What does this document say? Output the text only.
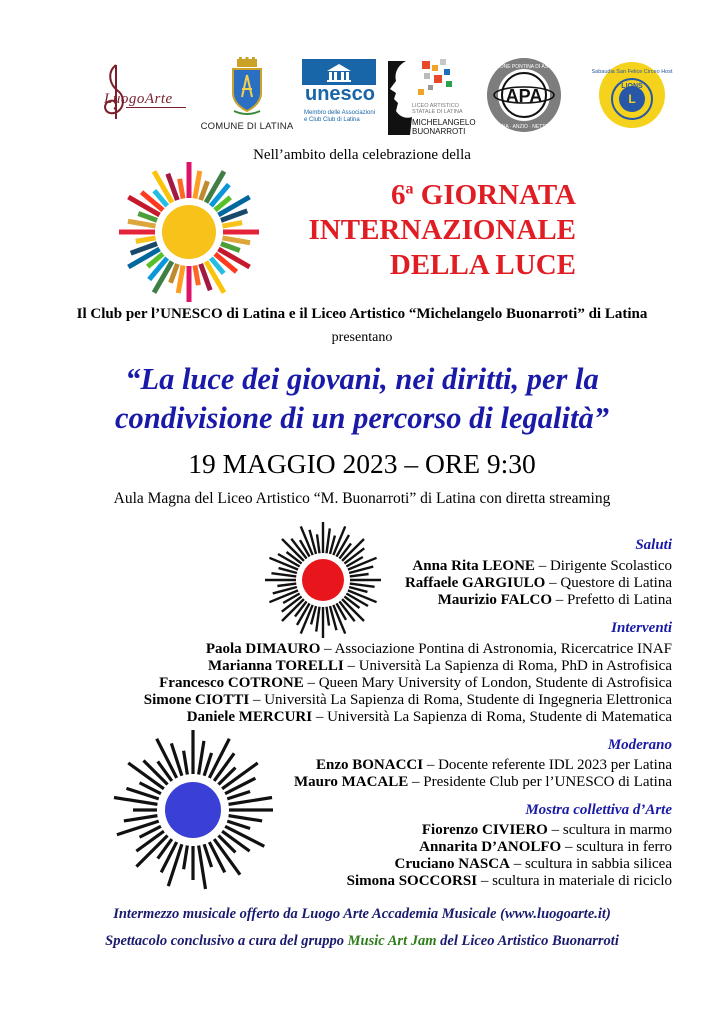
LuogoArte
COMUNE DI LATINA
unesco
Membro delle Associazioni e Club Club di Latina
LICEO ARTISTICO STATALE DI LATINA
MICHELANGELO BUONARROTI
APA
ASSOCIAZIONE PONTINA DI ASTRONOMIA
LATINA · ANZIO · NETTUNO
Sabaudia San Felice Circeo Host
LIONS
L
Nell’ambito della celebrazione della
6$^a$ GIORNATA
INTERNAZIONALE
DELLA LUCE
Il Club per l’UNESCO di Latina e il Liceo Artistico “Michelangelo Buonarroti” di Latina
presentano
“La luce dei giovani, nei diritti, per la
condivisione di un percorso di legalità”
19 MAGGIO 2023 – ORE 9:30
Aula Magna del Liceo Artistico “M. Buonarroti” di Latina con diretta streaming
Saluti
Anna Rita LEONE – Dirigente Scolastico
Raffaele GARGIULO – Questore di Latina
Maurizio FALCO – Prefetto di Latina
Interventi
Paola DIMAURO – Associazione Pontina di Astronomia, Ricercatrice INAF
Marianna TORELLI – Università La Sapienza di Roma, PhD in Astrofisica
Francesco COTRONE – Queen Mary University of London, Studente di Astrofisica
Simone CIOTTI – Università La Sapienza di Roma, Studente di Ingegneria Elettronica
Daniele MERCURI – Università La Sapienza di Roma, Studente di Matematica
Moderano
Enzo BONACCI – Docente referente IDL 2023 per Latina
Mauro MACALE – Presidente Club per l’UNESCO di Latina
Mostra collettiva d’Arte
Fiorenzo CIVIERO – scultura in marmo
Annarita D’ANOLFO – scultura in ferro
Cruciano NASCA – scultura in sabbia silicea
Simona SOCCORSI – scultura in materiale di riciclo
Intermezzo musicale offerto da Luogo Arte Accademia Musicale (www.luogoarte.it)
Spettacolo conclusivo a cura del gruppo Music Art Jam del Liceo Artistico Buonarroti
